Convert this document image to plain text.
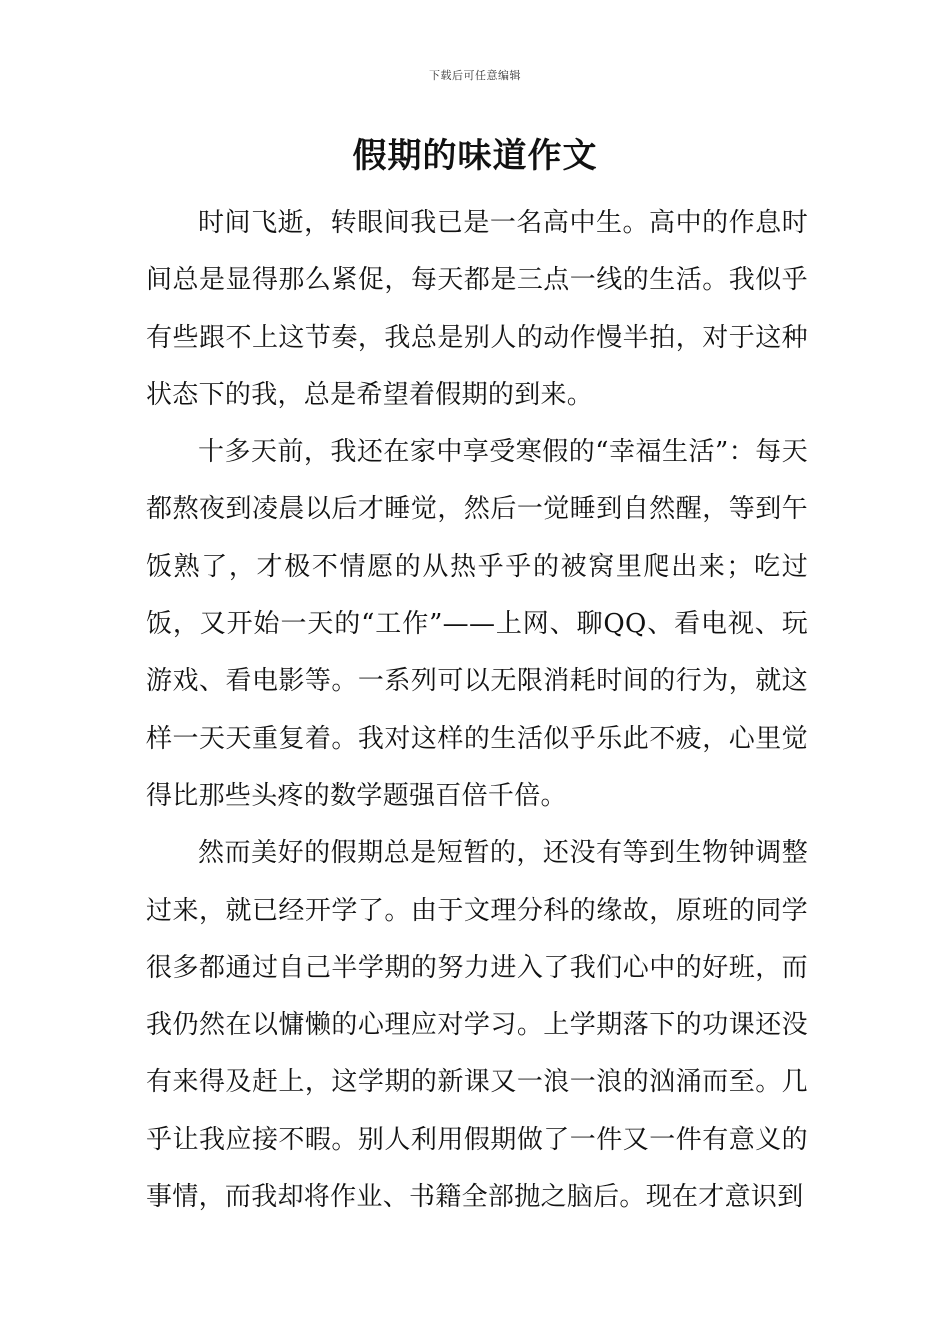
下载后可任意编辑
假期的味道作文

时间飞逝，转眼间我已是一名高中生。高中的作息时间总是显得那么紧促，每天都是三点一线的生活。我似乎有些跟不上这节奏，我总是别人的动作慢半拍，对于这种状态下的我，总是希望着假期的到来。

十多天前，我还在家中享受寒假的“幸福生活”：每天都熬夜到凌晨以后才睡觉，然后一觉睡到自然醒，等到午饭熟了，才极不情愿的从热乎乎的被窝里爬出来；吃过饭，又开始一天的“工作”——上网、聊QQ、看电视、玩游戏、看电影等。一系列可以无限消耗时间的行为，就这样一天天重复着。我对这样的生活似乎乐此不疲，心里觉得比那些头疼的数学题强百倍千倍。

然而美好的假期总是短暂的，还没有等到生物钟调整过来，就已经开学了。由于文理分科的缘故，原班的同学很多都通过自己半学期的努力进入了我们心中的好班，而我仍然在以慵懒的心理应对学习。上学期落下的功课还没有来得及赶上，这学期的新课又一浪一浪的汹涌而至。几乎让我应接不暇。别人利用假期做了一件又一件有意义的事情，而我却将作业、书籍全部抛之脑后。现在才意识到
